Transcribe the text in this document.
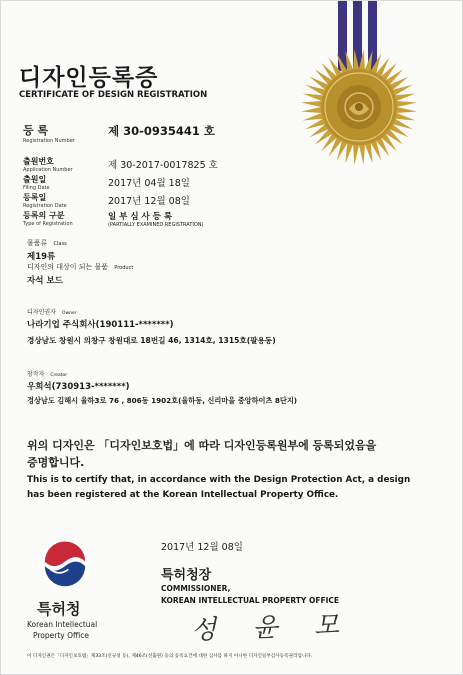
디자인등록증
CERTIFICATE OF DESIGN REGISTRATION
등 록
Registration Number
제 30-0935441 호
출원번호
Application Number	제 30-2017-0017825 호
출원일
Filing Date	2017년 04월 18일
등록일
Registration Date	2017년 12월 08일
등록의 구분
Type of Registration
일 부 심 사 등 록
(PARTIALLY EXAMINED REGISTRATION)
물품류 Class
제19류
디자인의 대상이 되는 물품 Product
자석 보드
디자인권자 Owner
나라기업 주식회사(190111-*******)
경상남도 창원시 의창구 창원대로 18번길 46, 1314호, 1315호(팔용동)
창작자 Creator
우희석(730913-*******)
경상남도 김해시 율하3로 76 , 806동 1902호(율하동, 신리마을 중앙하이츠 8단지)
위의 디자인은 「디자인보호법」에 따라 디자인등록원부에 등록되었음을
증명합니다.
This is to certify that, in accordance with the Design Protection Act, a design
has been registered at the Korean Intellectual Property Office.
2017년 12월 08일
특허청장
COMMISSIONER,
KOREAN INTELLECTUAL PROPERTY OFFICE
성 윤 모
특허청
Korean Intellectual
Property Office
이 디자인권은「디자인보호법」제33조(신규성 등), 제46조(선출원) 등의 등록요건에 대한 심사를 하지 아니한 디자인일부심사등록권리입니다.
